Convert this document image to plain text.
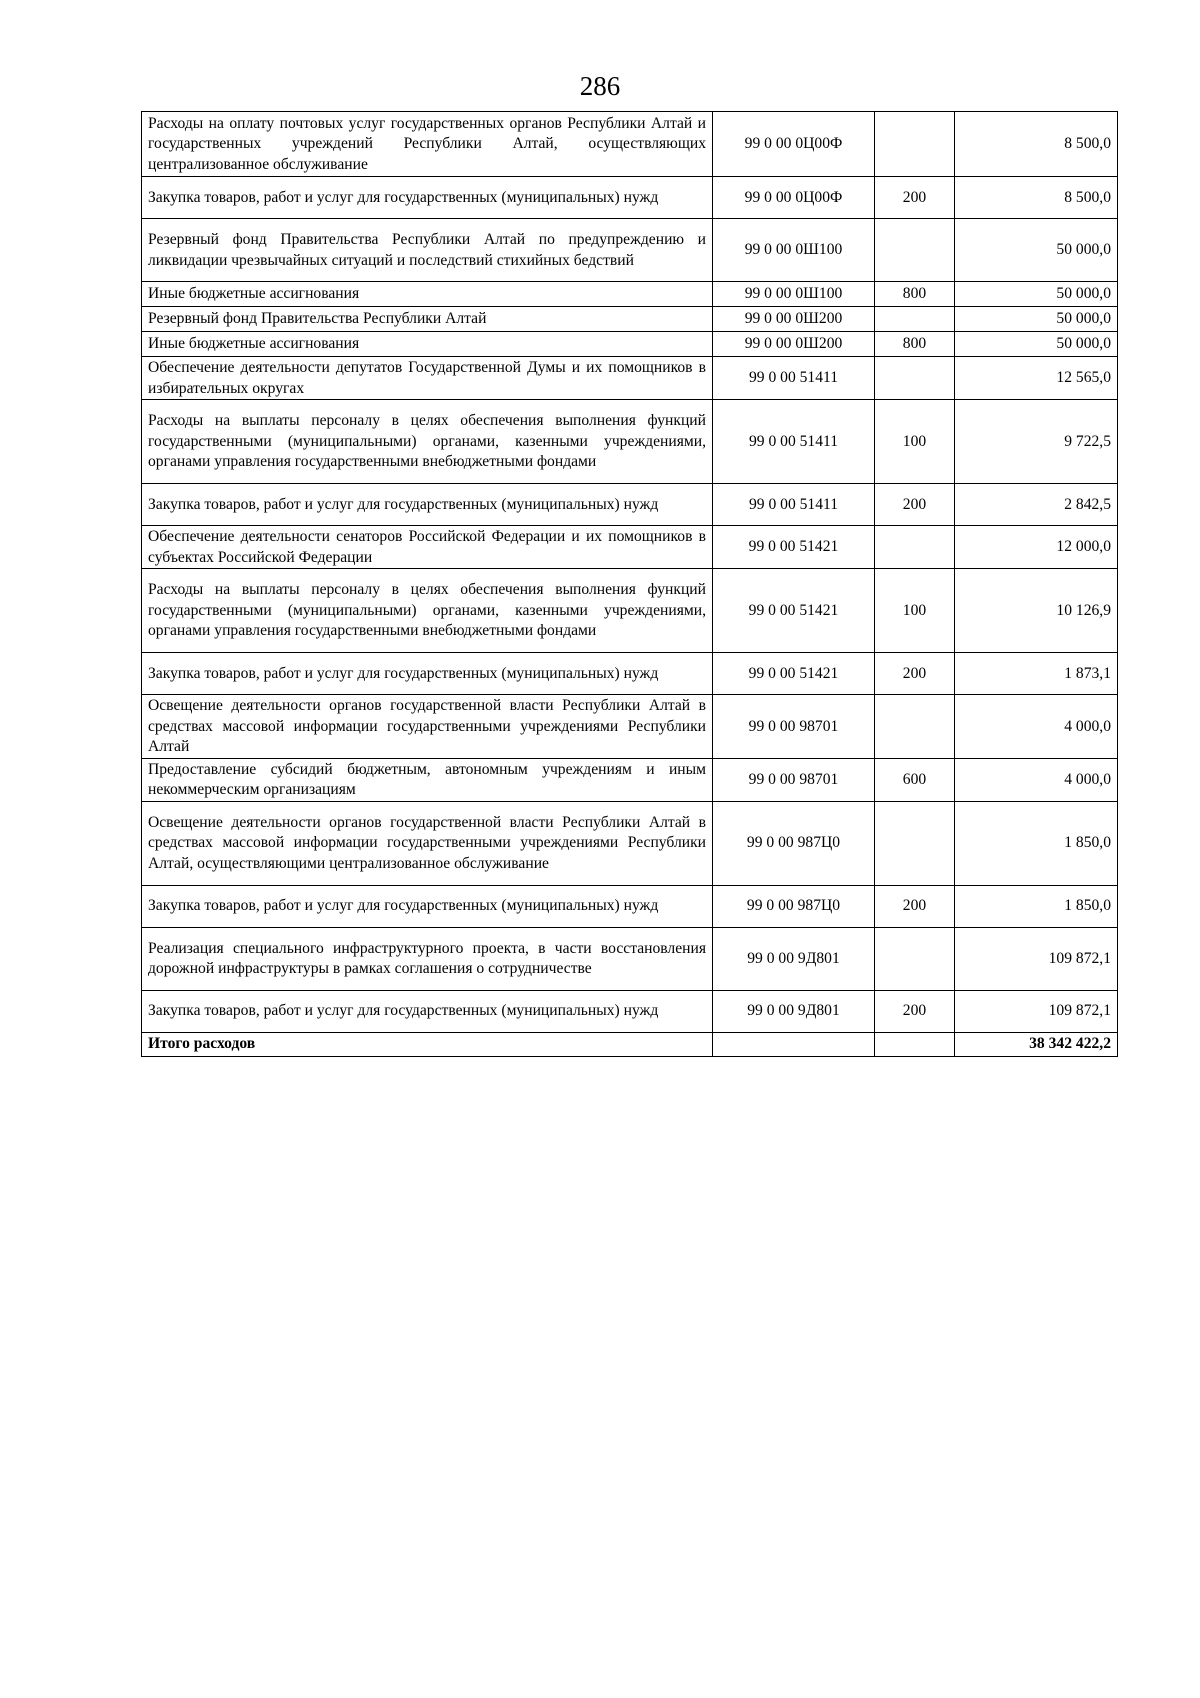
286
Расходы на оплату почтовых услуг государственных органов Республики Алтай и государственных учреждений Республики Алтай, осуществляющих централизованное обслуживание	99 0 00 0Ц00Ф		8 500,0
Закупка товаров, работ и услуг для государственных (муниципальных) нужд	99 0 00 0Ц00Ф	200	8 500,0
Резервный фонд Правительства Республики Алтай по предупреждению и ликвидации чрезвычайных ситуаций и последствий стихийных бедствий	99 0 00 0Ш100		50 000,0
Иные бюджетные ассигнования	99 0 00 0Ш100	800	50 000,0
Резервный фонд Правительства Республики Алтай	99 0 00 0Ш200		50 000,0
Иные бюджетные ассигнования	99 0 00 0Ш200	800	50 000,0
Обеспечение деятельности депутатов Государственной Думы и их помощников в избирательных округах	99 0 00 51411		12 565,0
Расходы на выплаты персоналу в целях обеспечения выполнения функций государственными (муниципальными) органами, казенными учреждениями, органами управления государственными внебюджетными фондами	99 0 00 51411	100	9 722,5
Закупка товаров, работ и услуг для государственных (муниципальных) нужд	99 0 00 51411	200	2 842,5
Обеспечение деятельности сенаторов Российской Федерации и их помощников в субъектах Российской Федерации	99 0 00 51421		12 000,0
Расходы на выплаты персоналу в целях обеспечения выполнения функций государственными (муниципальными) органами, казенными учреждениями, органами управления государственными внебюджетными фондами	99 0 00 51421	100	10 126,9
Закупка товаров, работ и услуг для государственных (муниципальных) нужд	99 0 00 51421	200	1 873,1
Освещение деятельности органов государственной власти Республики Алтай в средствах массовой информации государственными учреждениями Республики Алтай	99 0 00 98701		4 000,0
Предоставление субсидий бюджетным, автономным учреждениям и иным некоммерческим организациям	99 0 00 98701	600	4 000,0
Освещение деятельности органов государственной власти Республики Алтай в средствах массовой информации государственными учреждениями Республики Алтай, осуществляющими централизованное обслуживание	99 0 00 987Ц0		1 850,0
Закупка товаров, работ и услуг для государственных (муниципальных) нужд	99 0 00 987Ц0	200	1 850,0
Реализация специального инфраструктурного проекта, в части восстановления дорожной инфраструктуры в рамках соглашения о сотрудничестве	99 0 00 9Д801		109 872,1
Закупка товаров, работ и услуг для государственных (муниципальных) нужд	99 0 00 9Д801	200	109 872,1
Итого расходов			38 342 422,2
